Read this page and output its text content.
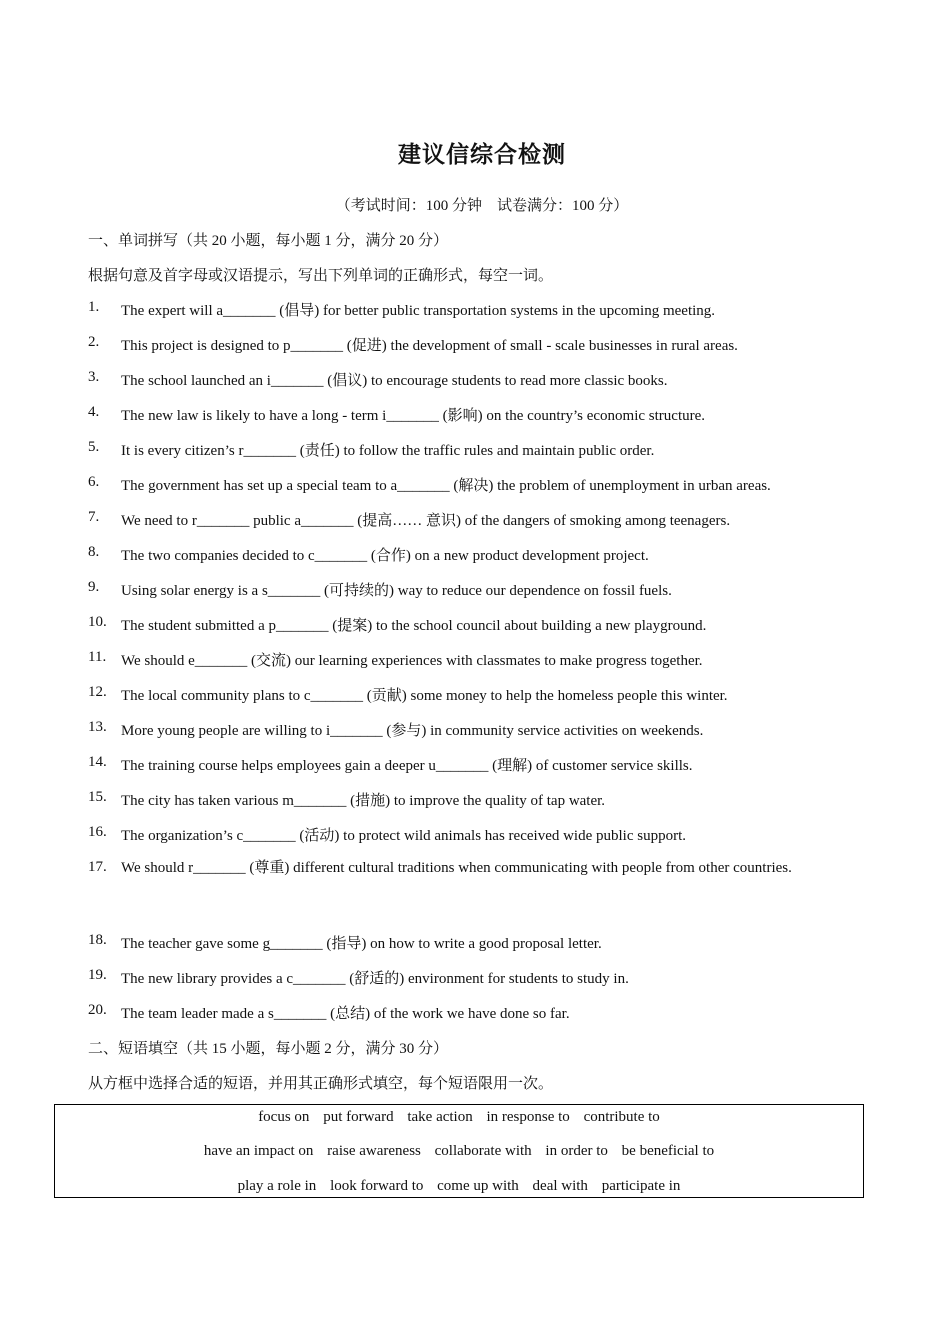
建议信综合检测
（考试时间：100 分钟　试卷满分：100 分）
一、单词拼写（共 20 小题，每小题 1 分，满分 20 分）
根据句意及首字母或汉语提示，写出下列单词的正确形式，每空一词。
1. The expert will a_______ (倡导) for better public transportation systems in the upcoming meeting.
2. This project is designed to p_______ (促进) the development of small - scale businesses in rural areas.
3. The school launched an i_______ (倡议) to encourage students to read more classic books.
4. The new law is likely to have a long - term i_______ (影响) on the country’s economic structure.
5. It is every citizen’s r_______ (责任) to follow the traffic rules and maintain public order.
6. The government has set up a special team to a_______ (解决) the problem of unemployment in urban areas.
7. We need to r_______ public a_______ (提高…… 意识) of the dangers of smoking among teenagers.
8. The two companies decided to c_______ (合作) on a new product development project.
9. Using solar energy is a s_______ (可持续的) way to reduce our dependence on fossil fuels.
10. The student submitted a p_______ (提案) to the school council about building a new playground.
11. We should e_______ (交流) our learning experiences with classmates to make progress together.
12. The local community plans to c_______ (贡献) some money to help the homeless people this winter.
13. More young people are willing to i_______ (参与) in community service activities on weekends.
14. The training course helps employees gain a deeper u_______ (理解) of customer service skills.
15. The city has taken various m_______ (措施) to improve the quality of tap water.
16. The organization’s c_______ (活动) to protect wild animals has received wide public support.
17. We should r_______ (尊重) different cultural traditions when communicating with people from other countries.
18. The teacher gave some g_______ (指导) on how to write a good proposal letter.
19. The new library provides a c_______ (舒适的) environment for students to study in.
20. The team leader made a s_______ (总结) of the work we have done so far.
二、短语填空（共 15 小题，每小题 2 分，满分 30 分）
从方框中选择合适的短语，并用其正确形式填空，每个短语限用一次。
focus on put forward take action in response to contribute to
have an impact on raise awareness collaborate with in order to be beneficial to
play a role in look forward to come up with deal with participate in
